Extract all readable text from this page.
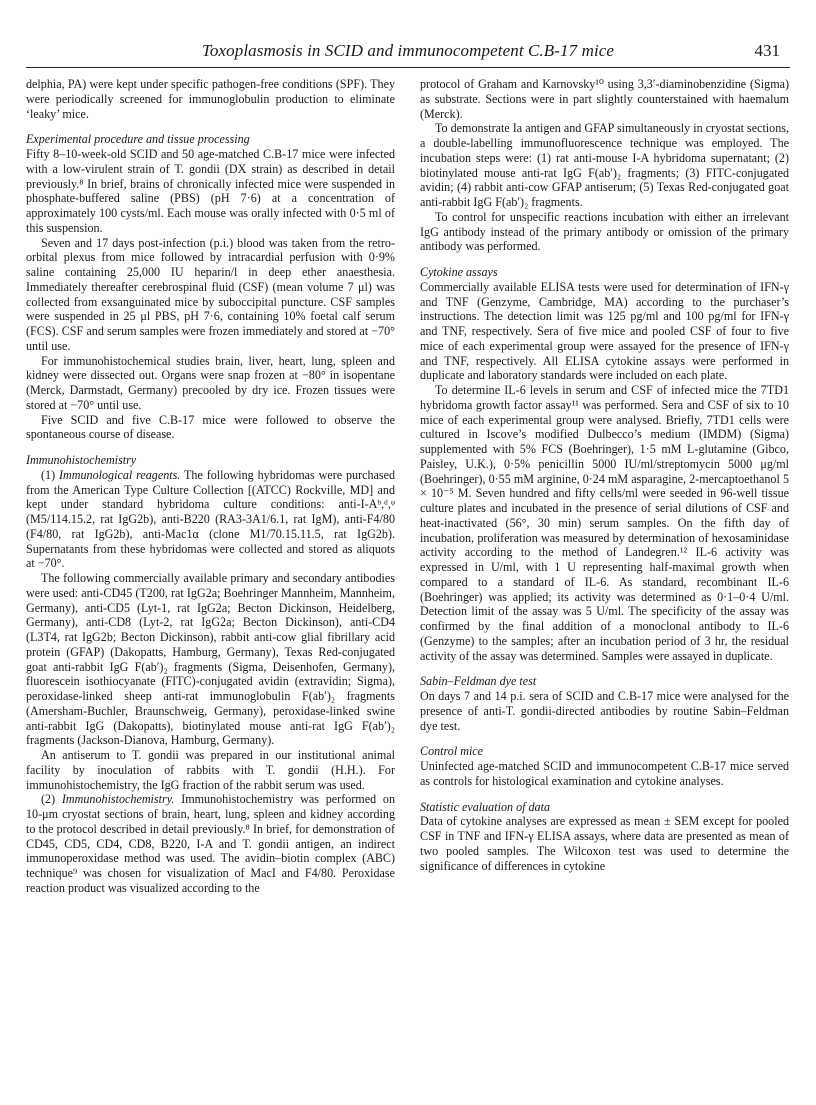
Toxoplasmosis in SCID and immunocompetent C.B-17 mice	431

delphia, PA) were kept under specific pathogen-free conditions (SPF). They were periodically screened for immunoglobulin production to eliminate ‘leaky’ mice.

Experimental procedure and tissue processing

Fifty 8–10-week-old SCID and 50 age-matched C.B-17 mice were infected with a low-virulent strain of T. gondii (DX strain) as described in detail previously.⁸ In brief, brains of chronically infected mice were suspended in phosphate-buffered saline (PBS) (pH 7·6) at a concentration of approximately 100 cysts/ml. Each mouse was orally infected with 0·5 ml of this suspension.

Seven and 17 days post-infection (p.i.) blood was taken from the retro-orbital plexus from mice followed by intracardial perfusion with 0·9% saline containing 25,000 IU heparin/l in deep ether anaesthesia. Immediately thereafter cerebrospinal fluid (CSF) (mean volume 7 μl) was collected from exsanguinated mice by suboccipital puncture. CSF samples were suspended in 25 μl PBS, pH 7·6, containing 10% foetal calf serum (FCS). CSF and serum samples were frozen immediately and stored at −70° until use.

For immunohistochemical studies brain, liver, heart, lung, spleen and kidney were dissected out. Organs were snap frozen at −80° in isopentane (Merck, Darmstadt, Germany) precooled by dry ice. Frozen tissues were stored at −70° until use.

Five SCID and five C.B-17 mice were followed to observe the spontaneous course of disease.

Immunohistochemistry

(1) Immunological reagents. The following hybridomas were purchased from the American Type Culture Collection [(ATCC) Rockville, MD] and kept under standard hybridoma culture conditions: anti-I-Aᵇ,ᵈ,ᵠ (M5/114.15.2, rat IgG2b), anti-B220 (RA3-3A1/6.1, rat IgM), anti-F4/80 (F4/80, rat IgG2b), anti-Mac1α (clone M1/70.15.11.5, rat IgG2b). Supernatants from these hybridomas were collected and stored as aliquots at −70°.

The following commercially available primary and secondary antibodies were used: anti-CD45 (T200, rat IgG2a; Boehringer Mannheim, Mannheim, Germany), anti-CD5 (Lyt-1, rat IgG2a; Becton Dickinson, Heidelberg, Germany), anti-CD8 (Lyt-2, rat IgG2a; Becton Dickinson), anti-CD4 (L3T4, rat IgG2b; Becton Dickinson), rabbit anti-cow glial fibrillary acid protein (GFAP) (Dakopatts, Hamburg, Germany), Texas Red-conjugated goat anti-rabbit IgG F(ab′)₂ fragments (Sigma, Deisenhofen, Germany), fluorescein isothiocyanate (FITC)-conjugated avidin (extravidin; Sigma), peroxidase-linked sheep anti-rat immunoglobulin F(ab′)₂ fragments (Amersham-Buchler, Braunschweig, Germany), peroxidase-linked swine anti-rabbit IgG (Dakopatts), biotinylated mouse anti-rat IgG F(ab′)₂ fragments (Jackson-Dianova, Hamburg, Germany).

An antiserum to T. gondii was prepared in our institutional animal facility by inoculation of rabbits with T. gondii (H.H.). For immunohistochemistry, the IgG fraction of the rabbit serum was used.

(2) Immunohistochemistry. Immunohistochemistry was performed on 10-μm cryostat sections of brain, heart, lung, spleen and kidney according to the protocol described in detail previously.⁸ In brief, for demonstration of CD45, CD5, CD4, CD8, B220, I-A and T. gondii antigen, an indirect immunoperoxidase method was used. The avidin–biotin complex (ABC) technique⁹ was chosen for visualization of MacI and F4/80. Peroxidase reaction product was visualized according to the

protocol of Graham and Karnovsky¹⁰ using 3,3′-diaminobenzidine (Sigma) as substrate. Sections were in part slightly counterstained with haemalum (Merck).

To demonstrate Ia antigen and GFAP simultaneously in cryostat sections, a double-labelling immunofluorescence technique was employed. The incubation steps were: (1) rat anti-mouse I-A hybridoma supernatant; (2) biotinylated mouse anti-rat IgG F(ab′)₂ fragments; (3) FITC-conjugated avidin; (4) rabbit anti-cow GFAP antiserum; (5) Texas Red-conjugated goat anti-rabbit IgG F(ab′)₂ fragments.

To control for unspecific reactions incubation with either an irrelevant IgG antibody instead of the primary antibody or omission of the primary antibody was performed.

Cytokine assays

Commercially available ELISA tests were used for determination of IFN-γ and TNF (Genzyme, Cambridge, MA) according to the purchaser’s instructions. The detection limit was 125 pg/ml and 100 pg/ml for IFN-γ and TNF, respectively. Sera of five mice and pooled CSF of four to five mice of each experimental group were assayed for the presence of IFN-γ and TNF, respectively. All ELISA cytokine assays were performed in duplicate and laboratory standards were included on each plate.

To determine IL-6 levels in serum and CSF of infected mice the 7TD1 hybridoma growth factor assay¹¹ was performed. Sera and CSF of six to 10 mice of each experimental group were analysed. Briefly, 7TD1 cells were cultured in Iscove’s modified Dulbecco’s medium (IMDM) (Sigma) supplemented with 5% FCS (Boehringer), 1·5 mM L-glutamine (Gibco, Paisley, U.K.), 0·5% penicillin 5000 IU/ml/streptomycin 5000 μg/ml (Boehringer), 0·55 mM arginine, 0·24 mM asparagine, 2-mercaptoethanol 5 × 10⁻⁵ M. Seven hundred and fifty cells/ml were seeded in 96-well tissue culture plates and incubated in the presence of serial dilutions of CSF and heat-inactivated (56°, 30 min) serum samples. On the fifth day of incubation, proliferation was measured by determination of hexosaminidase activity according to the method of Landegren.¹² IL-6 activity was expressed in U/ml, with 1 U representing half-maximal growth when compared to a standard of IL-6. As standard, recombinant IL-6 (Boehringer) was applied; its activity was determined as 0·1–0·4 U/ml. Detection limit of the assay was 5 U/ml. The specificity of the assay was confirmed by the final addition of a monoclonal antibody to IL-6 (Genzyme) to the samples; after an incubation period of 3 hr, the residual activity of the assay was determined. Samples were assayed in duplicate.

Sabin–Feldman dye test

On days 7 and 14 p.i. sera of SCID and C.B-17 mice were analysed for the presence of anti-T. gondii-directed antibodies by routine Sabin–Feldman dye test.

Control mice

Uninfected age-matched SCID and immunocompetent C.B-17 mice served as controls for histological examination and cytokine analyses.

Statistic evaluation of data

Data of cytokine analyses are expressed as mean ± SEM except for pooled CSF in TNF and IFN-γ ELISA assays, where data are presented as mean of two pooled samples. The Wilcoxon test was used to determine the significance of differences in cytokine
